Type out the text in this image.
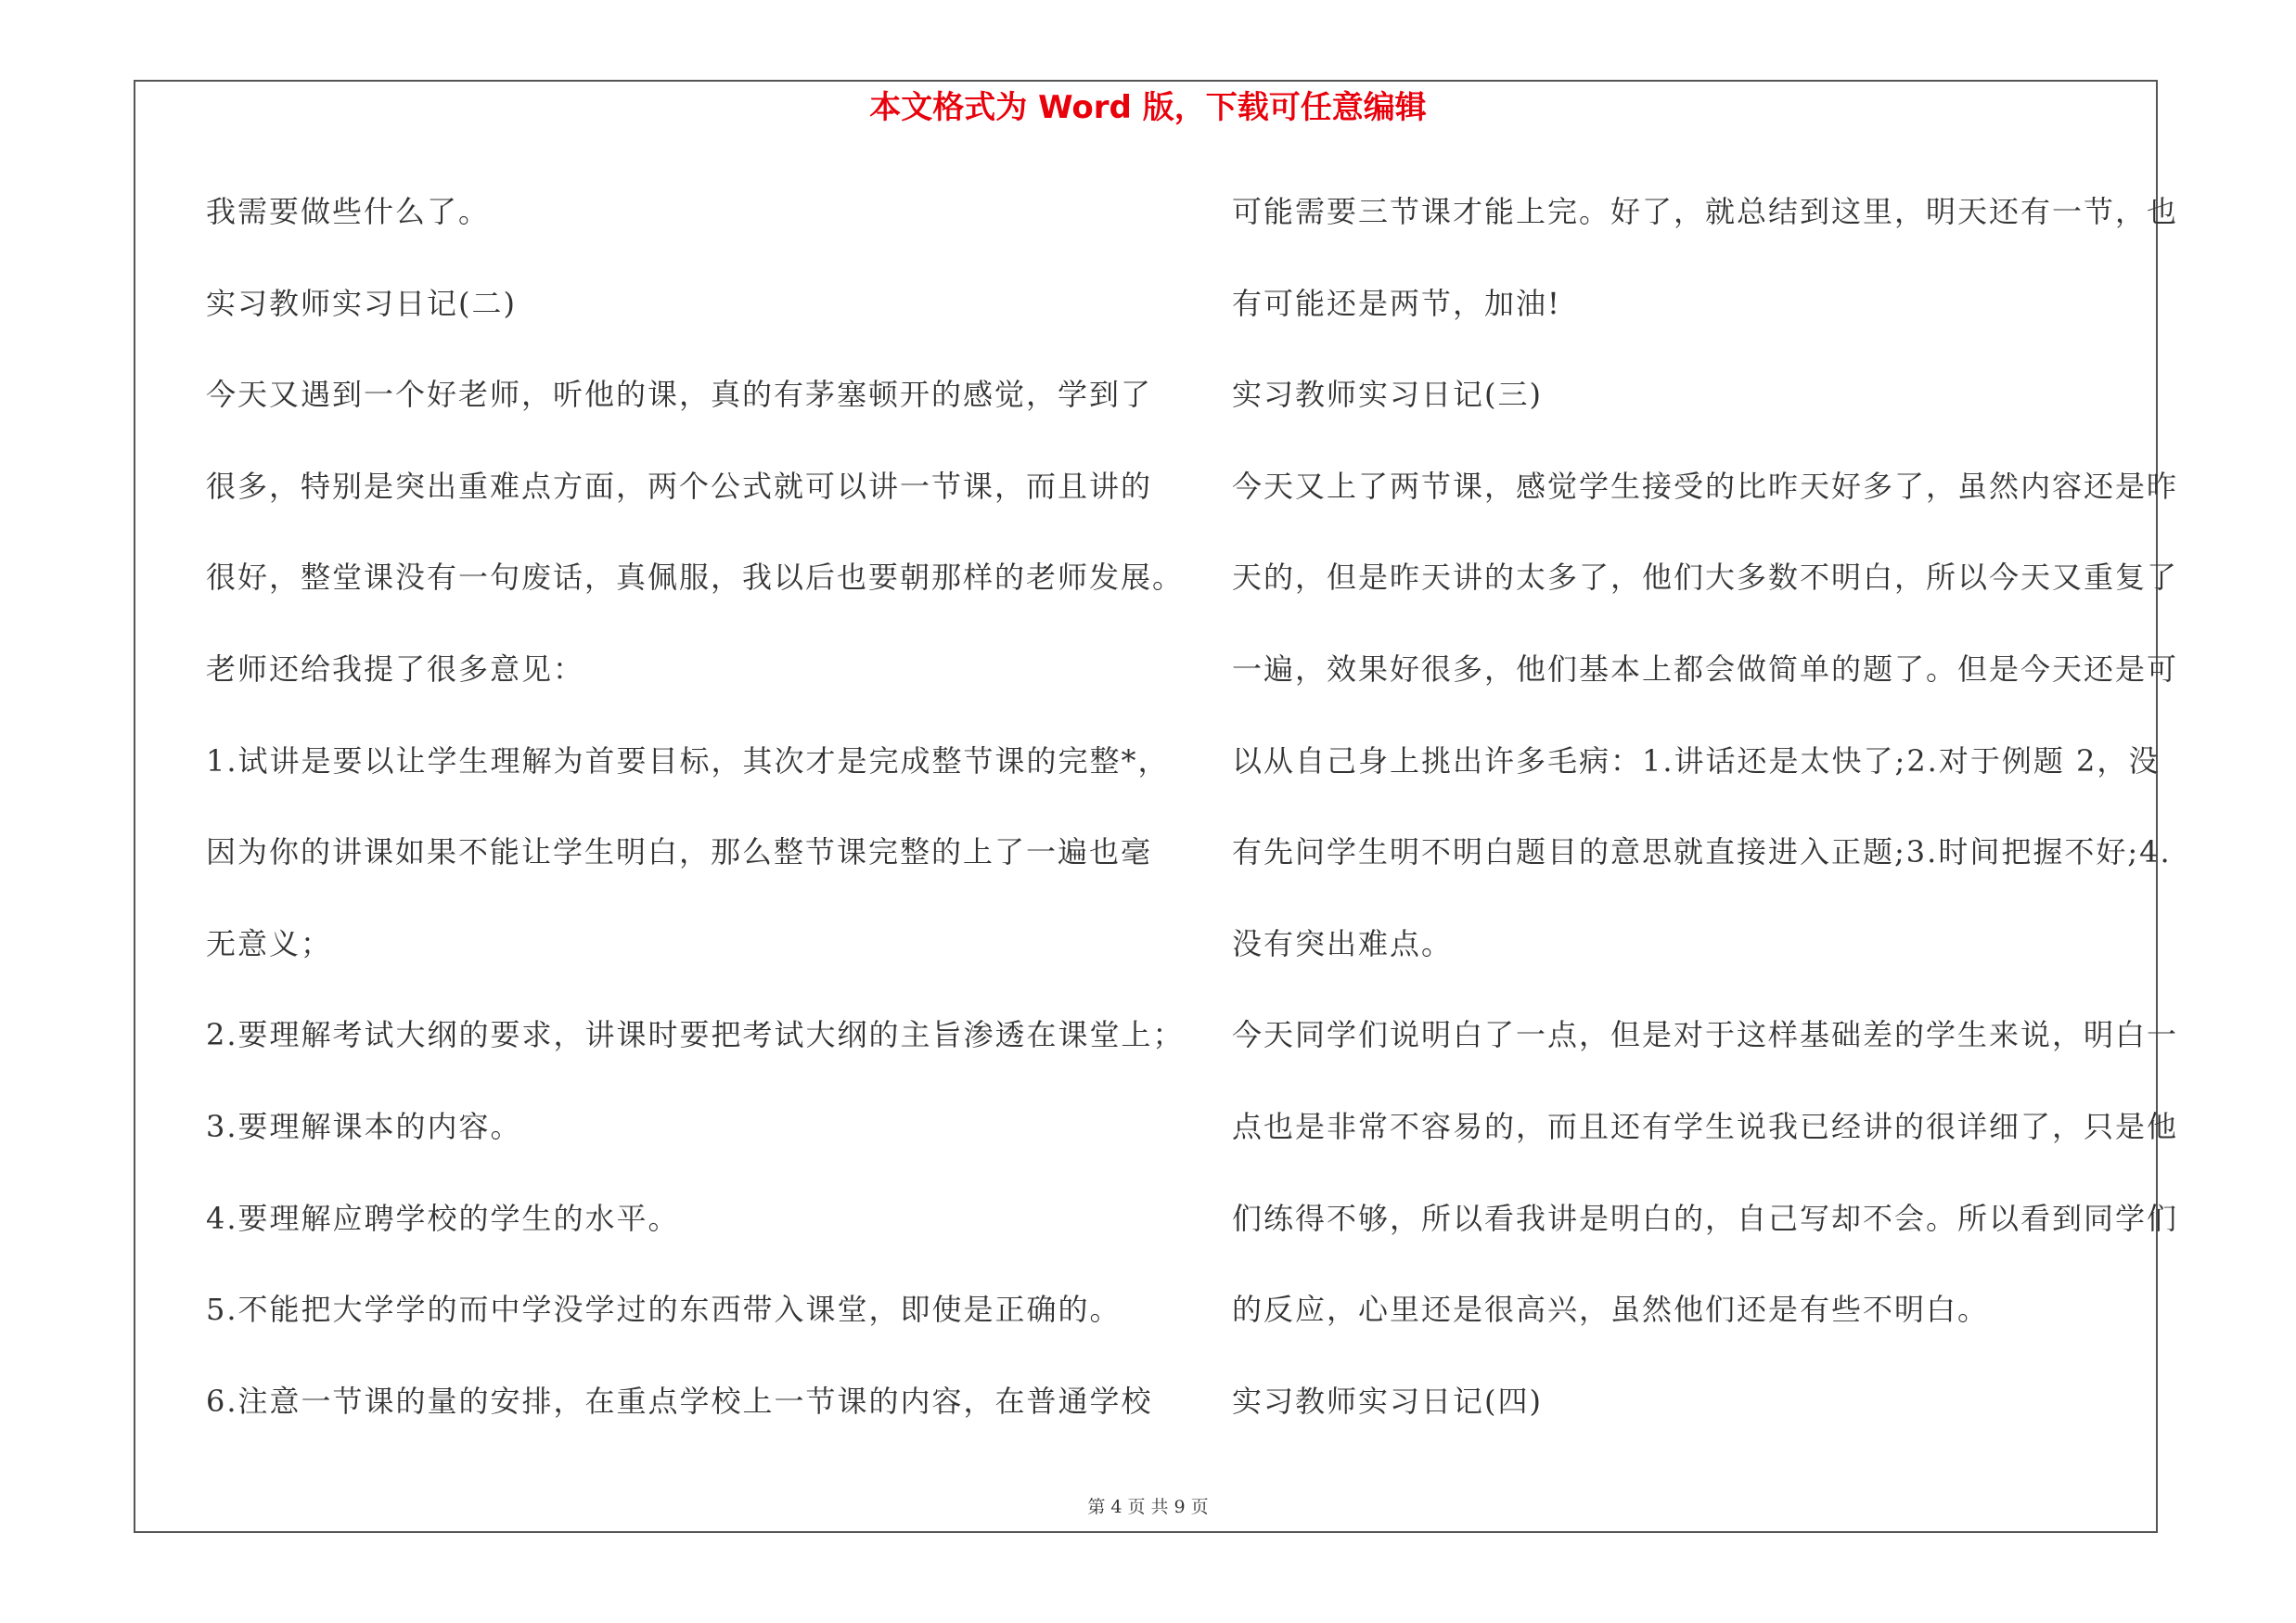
本文格式为 Word 版，下载可任意编辑
我需要做些什么了。
实习教师实习日记(二)
今天又遇到一个好老师，听他的课，真的有茅塞顿开的感觉，学到了
很多，特别是突出重难点方面，两个公式就可以讲一节课，而且讲的
很好，整堂课没有一句废话，真佩服，我以后也要朝那样的老师发展。
老师还给我提了很多意见：
1.试讲是要以让学生理解为首要目标，其次才是完成整节课的完整*，
因为你的讲课如果不能让学生明白，那么整节课完整的上了一遍也毫
无意义；
2.要理解考试大纲的要求，讲课时要把考试大纲的主旨渗透在课堂上；
3.要理解课本的内容。
4.要理解应聘学校的学生的水平。
5.不能把大学学的而中学没学过的东西带入课堂，即使是正确的。
6.注意一节课的量的安排，在重点学校上一节课的内容，在普通学校
可能需要三节课才能上完。好了，就总结到这里，明天还有一节，也
有可能还是两节，加油!
实习教师实习日记(三)
今天又上了两节课，感觉学生接受的比昨天好多了，虽然内容还是昨
天的，但是昨天讲的太多了，他们大多数不明白，所以今天又重复了
一遍，效果好很多，他们基本上都会做简单的题了。但是今天还是可
以从自己身上挑出许多毛病：1.讲话还是太快了;2.对于例题 2，没
有先问学生明不明白题目的意思就直接进入正题;3.时间把握不好;4.
没有突出难点。
今天同学们说明白了一点，但是对于这样基础差的学生来说，明白一
点也是非常不容易的，而且还有学生说我已经讲的很详细了，只是他
们练得不够，所以看我讲是明白的，自己写却不会。所以看到同学们
的反应，心里还是很高兴，虽然他们还是有些不明白。
实习教师实习日记(四)
第 4 页 共 9 页
